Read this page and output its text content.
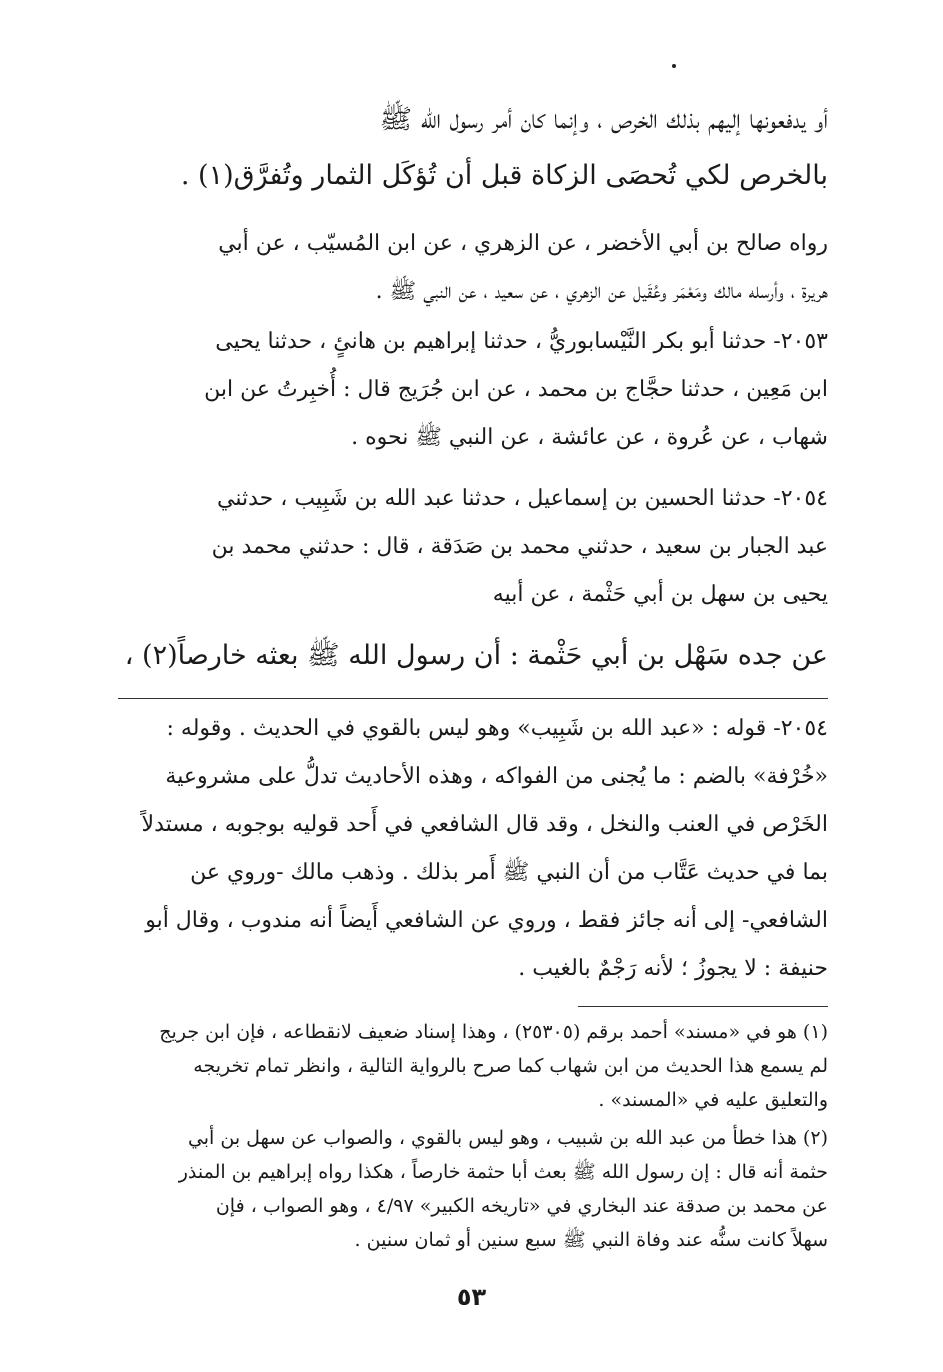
أو يدفعونها إليهم بذلك الخرص ، وإنما كان أمر رسول الله ﷺ
بالخرص لكي تُحصَى الزكاة قبل أن تُؤكَل الثمار وتُفرَّق(١) .
رواه صالح بن أبي الأخضر ، عن الزهري ، عن ابن المُسيّب ، عن أبي
هريرة ، وأرسله مالك ومَعْمَر وعُقَيل عن الزهري ، عن سعيد ، عن النبي ﷺ .
٢٠٥٣- حدثنا أبو بكر النَّيْسابوريُّ ، حدثنا إبراهيم بن هانئٍ ، حدثنا يحيى
ابن مَعِين ، حدثنا حجَّاج بن محمد ، عن ابن جُرَيج قال : أُخبِرتُ عن ابن
شهاب ، عن عُروة ، عن عائشة ، عن النبي ﷺ نحوه .
٢٠٥٤- حدثنا الحسين بن إسماعيل ، حدثنا عبد الله بن شَبِيب ، حدثني
عبد الجبار بن سعيد ، حدثني محمد بن صَدَقة ، قال : حدثني محمد بن
يحيى بن سهل بن أبي حَثْمة ، عن أبيه
عن جده سَهْل بن أبي حَثْمة : أن رسول الله ﷺ بعثه خارصاً(٢) ،
٢٠٥٤- قوله : «عبد الله بن شَبِيب» وهو ليس بالقوي في الحديث . وقوله :
«خُرْفة» بالضم : ما يُجنى من الفواكه ، وهذه الأحاديث تدلُّ على مشروعية
الخَرْص في العنب والنخل ، وقد قال الشافعي في أَحد قوليه بوجوبه ، مستدلاً
بما في حديث عَتَّاب من أن النبي ﷺ أَمر بذلك . وذهب مالك -وروي عن
الشافعي- إلى أنه جائز فقط ، وروي عن الشافعي أَيضاً أنه مندوب ، وقال أبو
حنيفة : لا يجوزُ ؛ لأنه رَجْمٌ بالغيب .
(١) هو في «مسند» أحمد برقم (٢٥٣٠٥) ، وهذا إسناد ضعيف لانقطاعه ، فإن ابن جريج
لم يسمع هذا الحديث من ابن شهاب كما صرح بالرواية التالية ، وانظر تمام تخريجه
والتعليق عليه في «المسند» .
(٢) هذا خطأ من عبد الله بن شبيب ، وهو ليس بالقوي ، والصواب عن سهل بن أبي
حثمة أنه قال : إن رسول الله ﷺ بعث أبا حثمة خارصاً ، هكذا رواه إبراهيم بن المنذر
عن محمد بن صدقة عند البخاري في «تاريخه الكبير» ٤/٩٧ ، وهو الصواب ، فإن
سهلاً كانت سنُّه عند وفاة النبي ﷺ سبع سنين أو ثمان سنين .
٥٣
